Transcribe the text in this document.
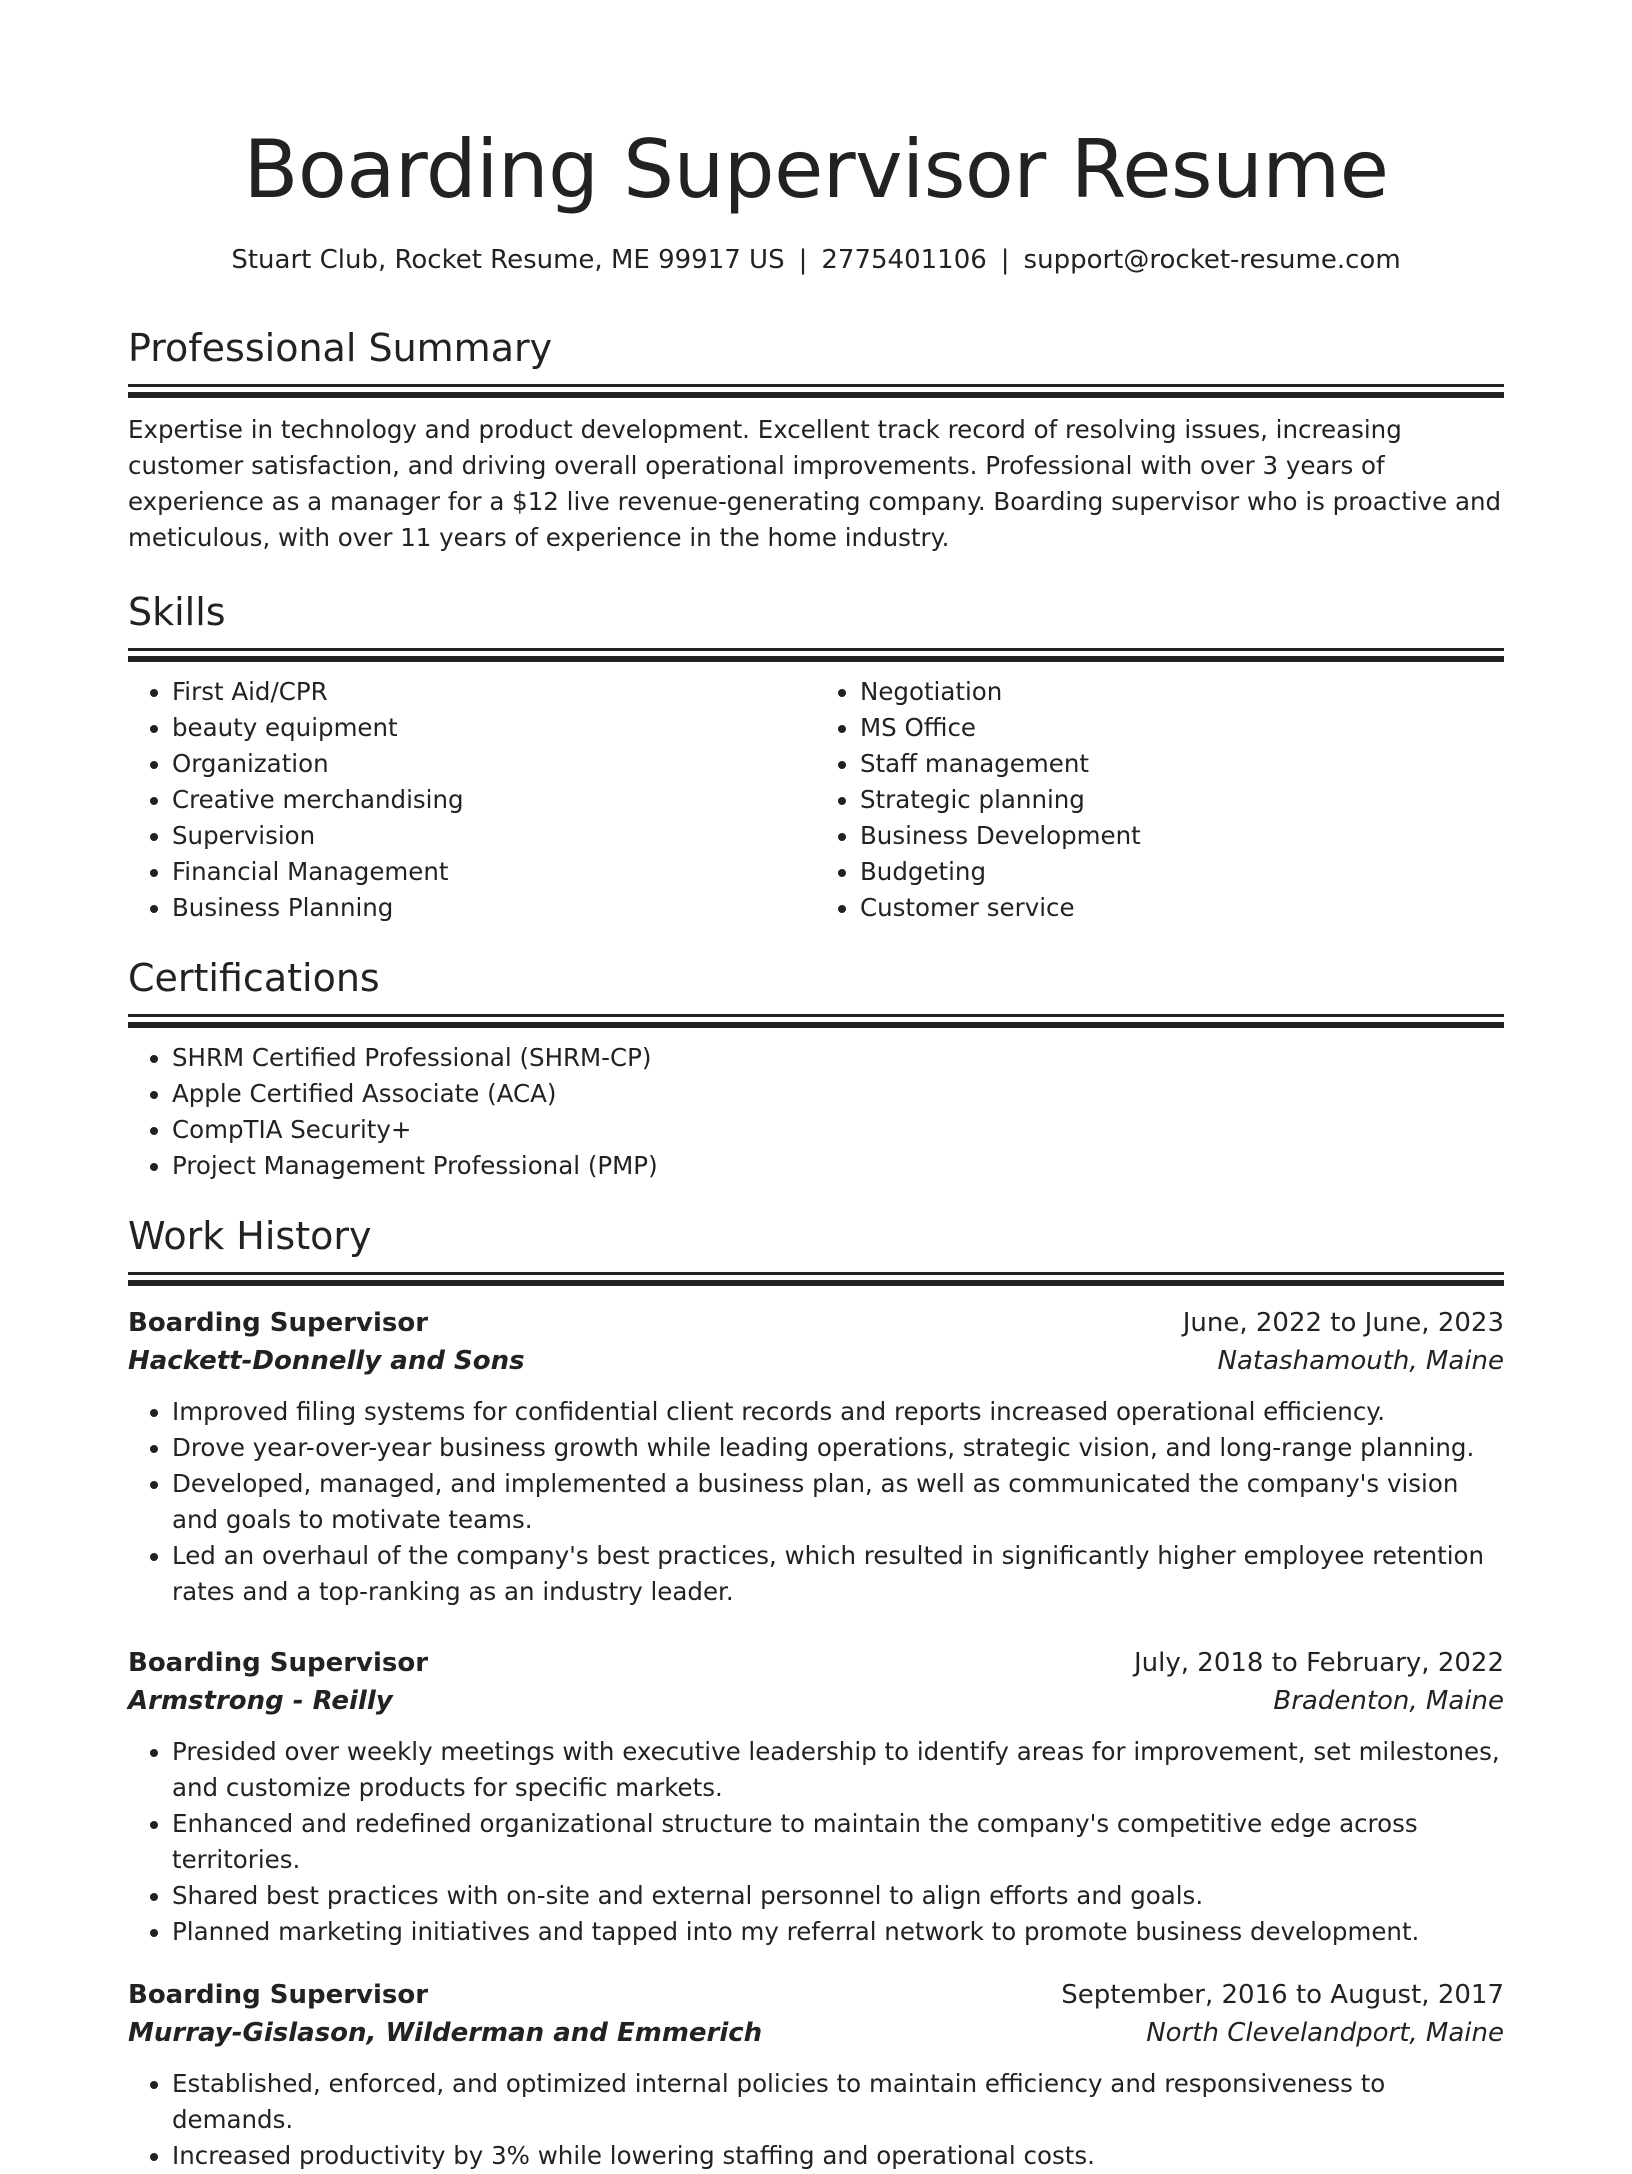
Boarding Supervisor Resume
Stuart Club, Rocket Resume, ME 99917 US | 2775401106 | support@rocket-resume.com
Professional Summary

Expertise in technology and product development. Excellent track record of resolving issues, increasing customer satisfaction, and driving overall operational improvements. Professional with over 3 years of experience as a manager for a $12 live revenue-generating company. Boarding supervisor who is proactive and meticulous, with over 11 years of experience in the home industry.

Skills
• First Aid/CPR
• beauty equipment
• Organization
• Creative merchandising
• Supervision
• Financial Management
• Business Planning
• Negotiation
• MS Office
• Staff management
• Strategic planning
• Business Development
• Budgeting
• Customer service
Certifications
• SHRM Certified Professional (SHRM-CP)
• Apple Certified Associate (ACA)
• CompTIA Security+
• Project Management Professional (PMP)
Work History
Boarding Supervisor	June, 2022 to June, 2023
Hackett-Donnelly and Sons	Natashamouth, Maine
• Improved filing systems for confidential client records and reports increased operational efficiency.
• Drove year-over-year business growth while leading operations, strategic vision, and long-range planning.
• Developed, managed, and implemented a business plan, as well as communicated the company's vision and goals to motivate teams.
• Led an overhaul of the company's best practices, which resulted in significantly higher employee retention rates and a top-ranking as an industry leader.
Boarding Supervisor	July, 2018 to February, 2022
Armstrong - Reilly	Bradenton, Maine
• Presided over weekly meetings with executive leadership to identify areas for improvement, set milestones, and customize products for specific markets.
• Enhanced and redefined organizational structure to maintain the company's competitive edge across territories.
• Shared best practices with on-site and external personnel to align efforts and goals.
• Planned marketing initiatives and tapped into my referral network to promote business development.
Boarding Supervisor	September, 2016 to August, 2017
Murray-Gislason, Wilderman and Emmerich	North Clevelandport, Maine
• Established, enforced, and optimized internal policies to maintain efficiency and responsiveness to demands.
• Increased productivity by 3% while lowering staffing and operational costs.
